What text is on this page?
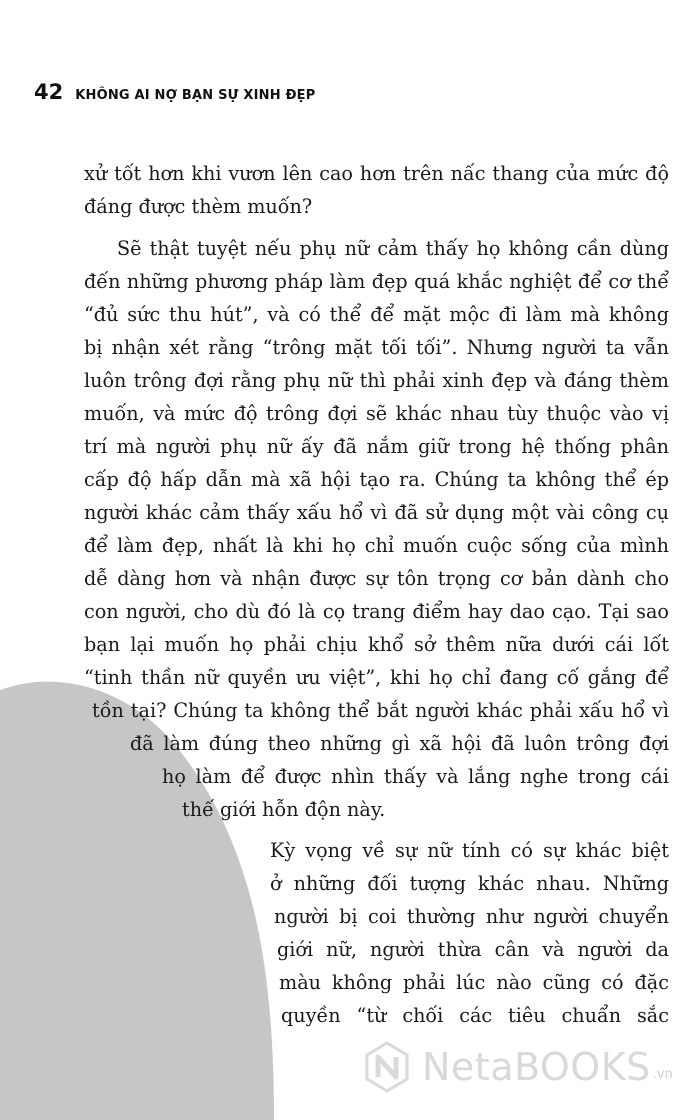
42 KHÔNG AI NỢ BẠN SỰ XINH ĐẸP
xử tốt hơn khi vươn lên cao hơn trên nấc thang của mức độ
đáng được thèm muốn?
Sẽ thật tuyệt nếu phụ nữ cảm thấy họ không cần dùng
đến những phương pháp làm đẹp quá khắc nghiệt để cơ thể
“đủ sức thu hút”, và có thể để mặt mộc đi làm mà không
bị nhận xét rằng “trông mặt tối tối”. Nhưng người ta vẫn
luôn trông đợi rằng phụ nữ thì phải xinh đẹp và đáng thèm
muốn, và mức độ trông đợi sẽ khác nhau tùy thuộc vào vị
trí mà người phụ nữ ấy đã nắm giữ trong hệ thống phân
cấp độ hấp dẫn mà xã hội tạo ra. Chúng ta không thể ép
người khác cảm thấy xấu hổ vì đã sử dụng một vài công cụ
để làm đẹp, nhất là khi họ chỉ muốn cuộc sống của mình
dễ dàng hơn và nhận được sự tôn trọng cơ bản dành cho
con người, cho dù đó là cọ trang điểm hay dao cạo. Tại sao
bạn lại muốn họ phải chịu khổ sở thêm nữa dưới cái lốt
“tinh thần nữ quyền ưu việt”, khi họ chỉ đang cố gắng để
tồn tại? Chúng ta không thể bắt người khác phải xấu hổ vì
đã làm đúng theo những gì xã hội đã luôn trông đợi
họ làm để được nhìn thấy và lắng nghe trong cái
thế giới hỗn độn này.
Kỳ vọng về sự nữ tính có sự khác biệt
ở những đối tượng khác nhau. Những
người bị coi thường như người chuyển
giới nữ, người thừa cân và người da
màu không phải lúc nào cũng có đặc
quyền “từ chối các tiêu chuẩn sắc
NetaBOOKS .vn
